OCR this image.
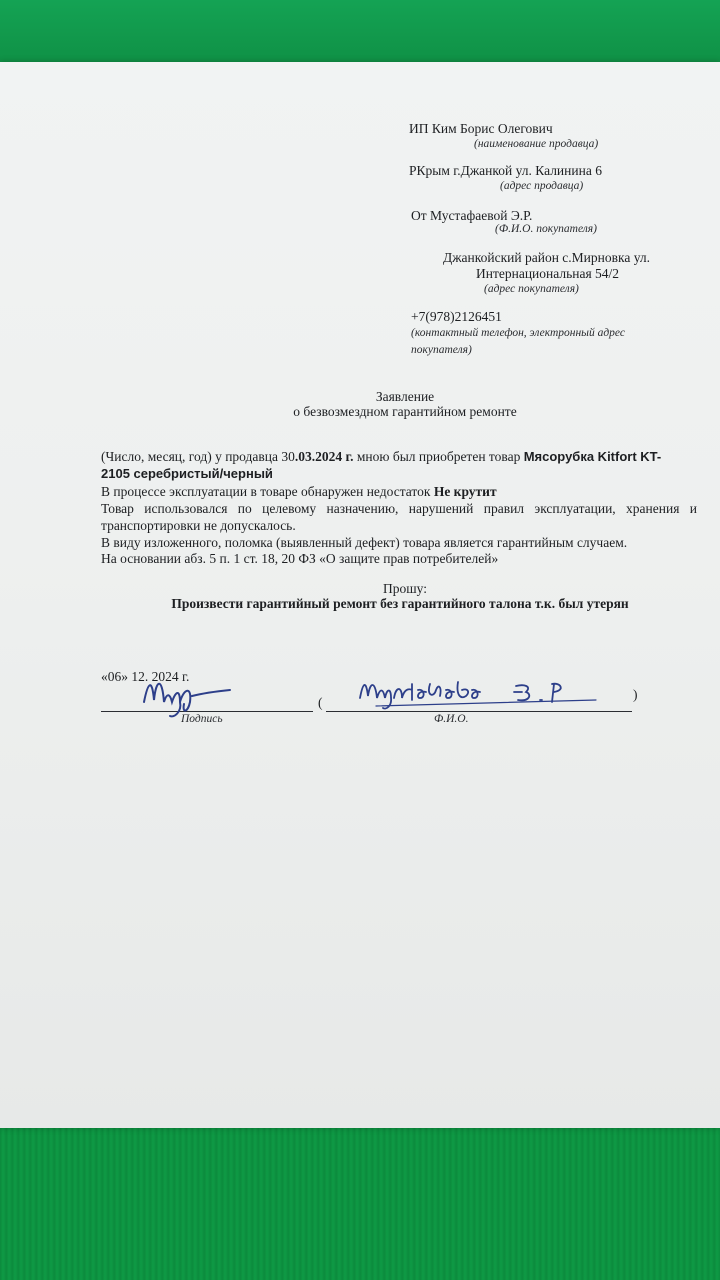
ИП Ким Борис Олегович
(наименование продавца)
РКрым г.Джанкой ул. Калинина 6
(адрес продавца)
От Мустафаевой Э.Р.
(Ф.И.О. покупателя)
Джанкойский район с.Мирновка ул.
Интернациональная 54/2
(адрес покупателя)
+7(978)2126451
(контактный телефон, электронный адрес
покупателя)
Заявление
о безвозмездном гарантийном ремонте
(Число, месяц, год) у продавца 30.03.2024 г. мною был приобретен товар Мясорубка Kitfort KT-
2105 серебристый/черный
В процессе эксплуатации в товаре обнаружен недостаток Не крутит
Товар использовался по целевому назначению, нарушений правил эксплуатации, хранения и
транспортировки не допускалось.
В виду изложенного, поломка (выявленный дефект) товара является гарантийным случаем.
На основании абз. 5 п. 1 ст. 18, 20 ФЗ «О защите прав потребителей»
Прошу:
Произвести гарантийный ремонт без гарантийного талона т.к. был утерян
«06» 12. 2024 г.
Подпись
(
)
Ф.И.О.
